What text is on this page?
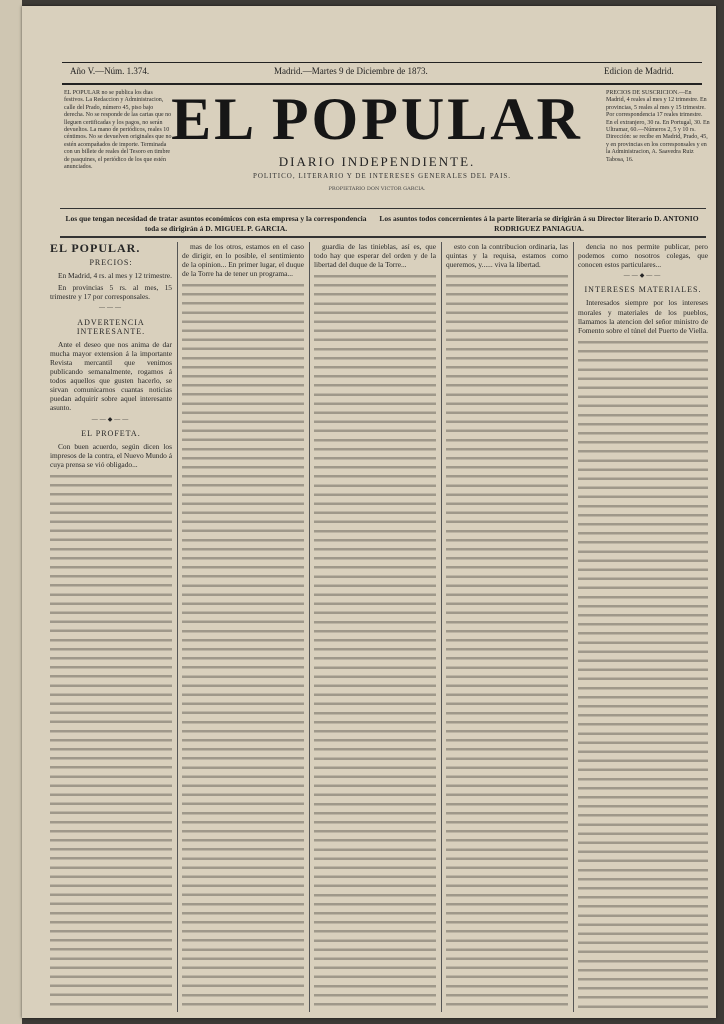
Año V.—Núm. 1.374.	Madrid.—Martes 9 de Diciembre de 1873.	Edicion de Madrid.
EL POPULAR no se publica los dias festivos. La Redaccion y Administracion, calle del Prado, número 45, piso bajo derecha. No se responde de las cartas que no lleguen certificadas y los pagos, no serán devueltos. La mano de periódicos, reales 10 céntimos. No se devuelven originales que no estén acompañados de importe. Terminada con un billete de reales del Tesoro en timbre de pasquines, el periódico de los que estén anunciados.
EL POPULAR
DIARIO INDEPENDIENTE.
POLITICO, LITERARIO Y DE INTERESES GENERALES DEL PAIS.
PROPIETARIO DON VICTOR GARCIA.
PRECIOS DE SUSCRICION.—En Madrid, 4 reales al mes y 12 trimestre. En provincias, 5 reales al mes y 15 trimestre. Por correspondencia 17 reales trimestre. En el extranjero, 30 ra. En Portugal, 30. En Ultramar, 60.—Números 2, 5 y 10 rs. Dirección: se recibe en Madrid, Prado, 45, y en provincias en los corresponsales y en la Administracion, A. Saavedra Ruiz Tabosa, 16.
Los que tengan necesidad de tratar asuntos económicos con esta empresa y la correspondencia toda se dirigirán á D. MIGUEL P. GARCIA.
Los asuntos todos concernientes á la parte literaria se dirigirán á su Director literario D. ANTONIO RODRIGUEZ PANIAGUA.
EL POPULAR.
PRECIOS:

En Madrid, 4 rs. al mes y 12 trimestre.

En provincias 5 rs. al mes, 15 trimestre y 17 por corresponsales.

———
ADVERTENCIA INTERESANTE.

Ante el deseo que nos anima de dar mucha mayor extension á la importante Revista mercantil que venimos publicando semanalmente, rogamos á todos aquellos que gusten hacerlo, se sirvan comunicarnos cuantas noticias puedan adquirir sobre aquel interesante asunto.

——◆——
EL PROFETA.

Con buen acuerdo, según dicen los impresos de la contra, el Nuevo Mundo á cuya prensa se vió obligado...

mas de los otros, estamos en el caso de dirigir, en lo posible, el sentimiento de la opinion... En primer lugar, el duque de la Torre ha de tener un programa...

guardia de las tinieblas, así es, que todo hay que esperar del orden y de la libertad del duque de la Torre...

esto con la contribucion ordinaria, las quintas y la requisa, estamos como queremos, y...... viva la libertad.

dencia no nos permite publicar, pero podemos como nosotros colegas, que conocen estos particulares...

——◆——
INTERESES MATERIALES.

Interesados siempre por los intereses morales y materiales de los pueblos, llamamos la atencion del señor ministro de Fomento sobre el túnel del Puerto de Viella.
